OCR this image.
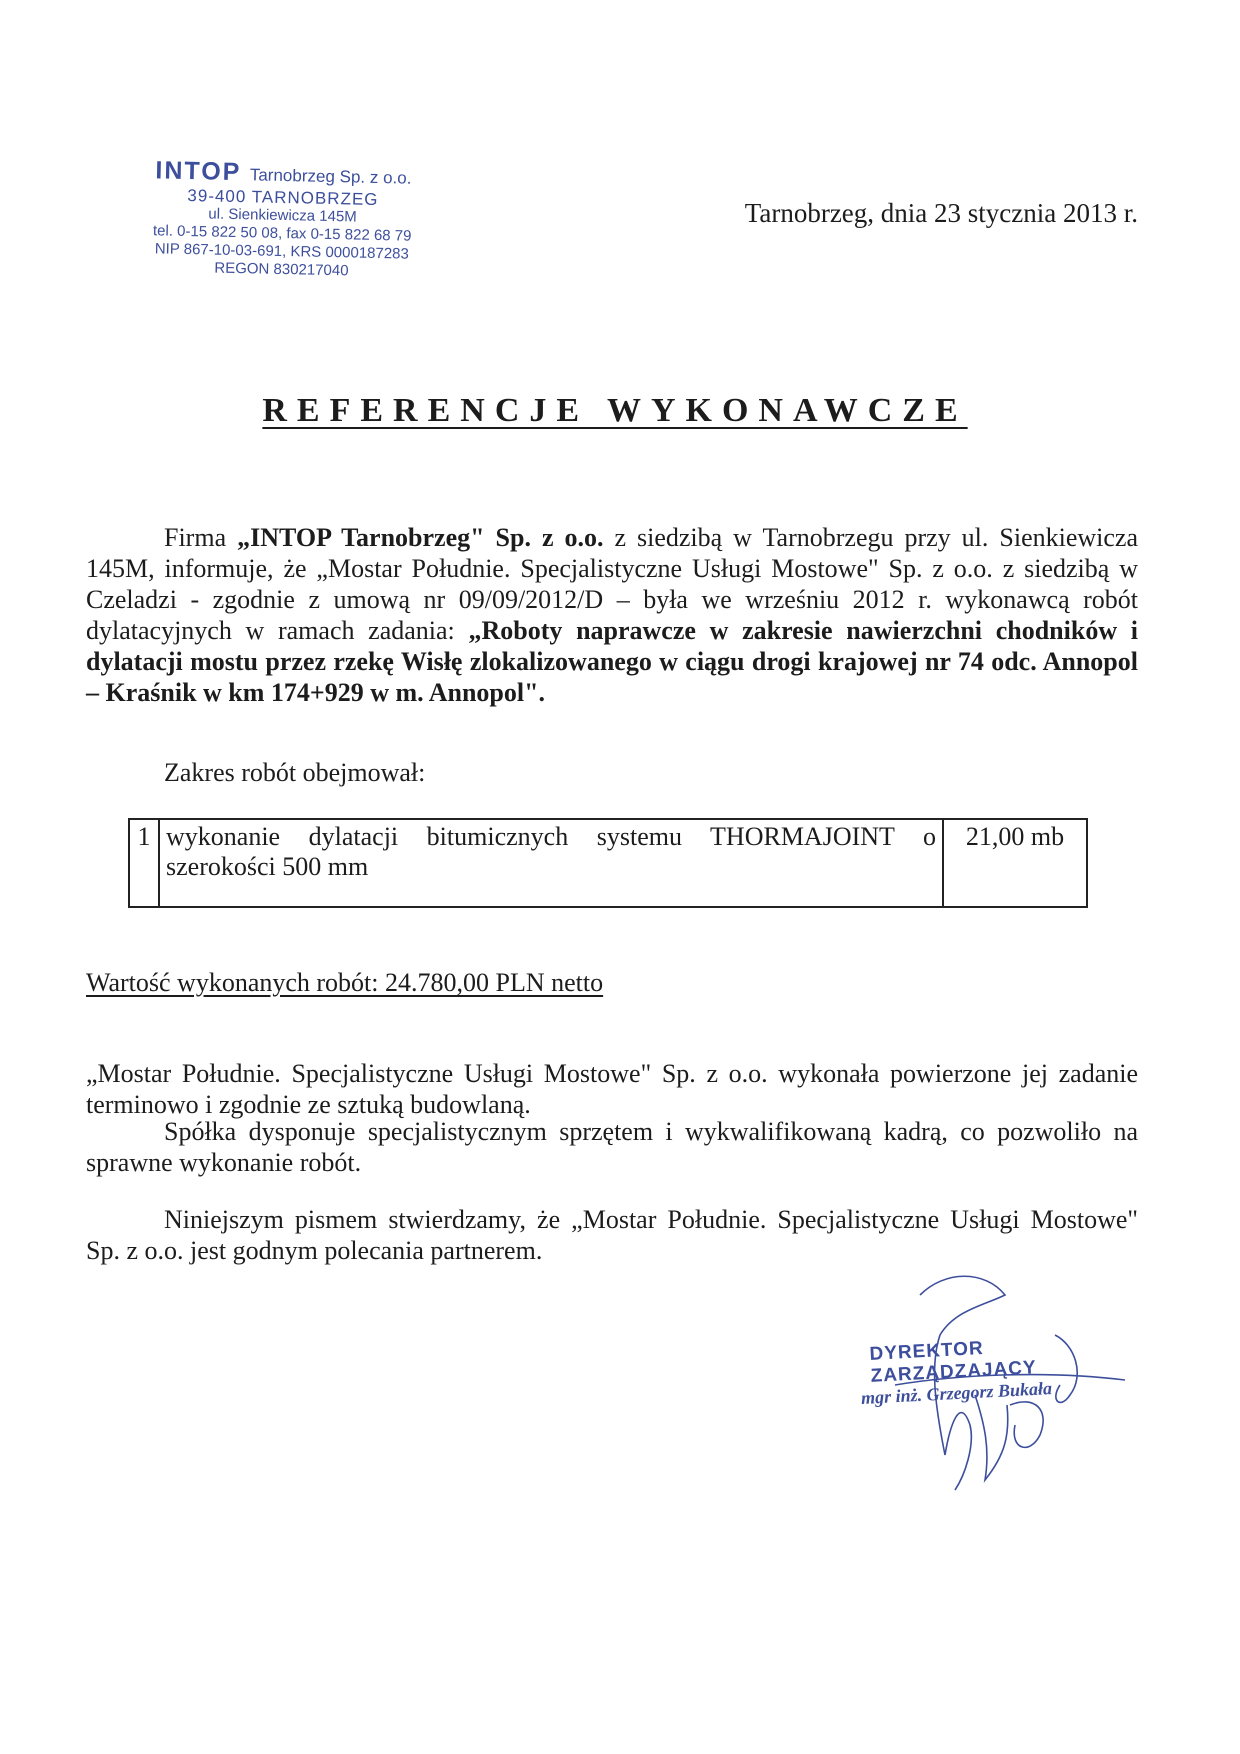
INTOP Tarnobrzeg Sp. z o.o.
39-400 TARNOBRZEG
ul. Sienkiewicza 145M
tel. 0-15 822 50 08, fax 0-15 822 68 79
NIP 867-10-03-691, KRS 0000187283
REGON 830217040
Tarnobrzeg, dnia 23 stycznia 2013 r.
REFERENCJE WYKONAWCZE
Firma „INTOP Tarnobrzeg" Sp. z o.o. z siedzibą w Tarnobrzegu przy ul. Sienkiewicza 145M, informuje, że „Mostar Południe. Specjalistyczne Usługi Mostowe" Sp. z o.o. z siedzibą w Czeladzi - zgodnie z umową nr 09/09/2012/D – była we wrześniu 2012 r. wykonawcą robót dylatacyjnych w ramach zadania: „Roboty naprawcze w zakresie nawierzchni chodników i dylatacji mostu przez rzekę Wisłę zlokalizowanego w ciągu drogi krajowej nr 74 odc. Annopol – Kraśnik w km 174+929 w m. Annopol".
Zakres robót obejmował:
1	wykonanie dylatacji bitumicznych systemu THORMAJOINT o szerokości 500 mm	21,00 mb
Wartość wykonanych robót: 24.780,00 PLN netto
„Mostar Południe. Specjalistyczne Usługi Mostowe" Sp. z o.o. wykonała powierzone jej zadanie terminowo i zgodnie ze sztuką budowlaną.
Spółka dysponuje specjalistycznym sprzętem i wykwalifikowaną kadrą, co pozwoliło na sprawne wykonanie robót.
Niniejszym pismem stwierdzamy, że „Mostar Południe. Specjalistyczne Usługi Mostowe" Sp. z o.o. jest godnym polecania partnerem.
DYREKTOR ZARZĄDZAJĄCY
mgr inż. Grzegorz Bukała
